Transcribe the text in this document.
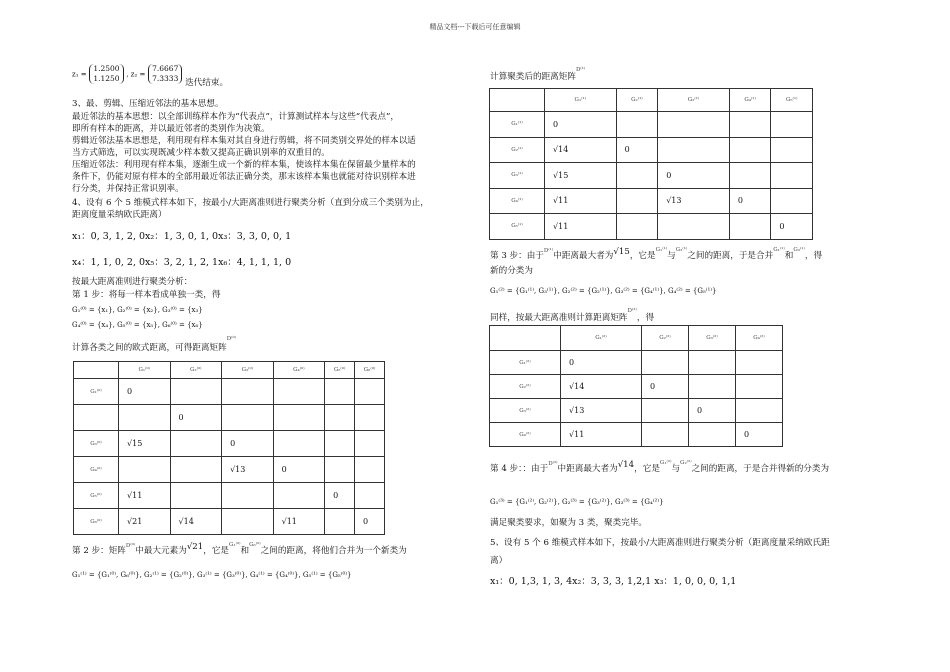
精品文档---下载后可任意编辑
z₁ = 1.2500
1.1250 , z₂ = 7.6667
7.3333 迭代结束。
3、最、剪辑、压缩近邻法的基本思想。
最近邻法的基本思想：以全部训练样本作为“代表点”，计算测试样本与这些“代表点”，
即所有样本的距离，并以最近邻者的类别作为决策。
剪辑近邻法基本思想是，利用现有样本集对其自身进行剪辑，将不同类别交界处的样本以适
当方式筛选，可以实现既减少样本数又提高正确识别率的双重目的。
压缩近邻法：利用现有样本集，逐渐生成一个新的样本集，使该样本集在保留最少量样本的
条件下，仍能对原有样本的全部用最近邻法正确分类，那末该样本集也就能对待识别样本进
行分类，并保持正常识别率。
4、设有 6 个 5 维模式样本如下，按最小/大距离准则进行聚类分析（直到分成三个类别为止，
距离度量采纳欧氏距离）
x₁：0, 3, 1, 2, 0x₂：1, 3, 0, 1, 0x₃：3, 3, 0, 0, 1
x₄：1, 1, 0, 2, 0x₅：3, 2, 1, 2, 1x₆：4, 1, 1, 1, 0
按最大距离准则进行聚类分析：
第 1 步：将每一样本看成单独一类，得
G₁⁽⁰⁾ = {x₁}, G₂⁽⁰⁾ = {x₂}, G₃⁽⁰⁾ = {x₃}
G₄⁽⁰⁾ = {x₄}, G₅⁽⁰⁾ = {x₅}, G₆⁽⁰⁾ = {x₆}
计算各类之间的欧式距离，可得距离矩阵$^{D^{(0)}}$
	G₁⁽⁰⁾	G₂⁽⁰⁾	G₃⁽⁰⁾	G₄⁽⁰⁾	G₅⁽⁰⁾	G₆⁽⁰⁾
G₁⁽⁰⁾	0					
		0				
G₃⁽⁰⁾	√15		0			
G₄⁽⁰⁾			√13	0		
G₅⁽⁰⁾	√11				0	
G₆⁽⁰⁾	√21	√14		√11		0
第 2 步：矩阵$^{D^{(0)}}$中最大元素为√21，它是$^{G_1^{(0)}}$和$^{G_6^{(0)}}$之间的距离，将他们合并为一个新类为
G₁⁽¹⁾ = {G₁⁽⁰⁾, G₆⁽⁰⁾}, G₂⁽¹⁾ = {G₂⁽⁰⁾}, G₃⁽¹⁾ = {G₃⁽⁰⁾}, G₄⁽¹⁾ = {G₄⁽⁰⁾}, G₅⁽¹⁾ = {G₅⁽⁰⁾}
计算聚类后的距离矩阵$^{D^{(1)}}$
	G₁⁽¹⁾	G₂⁽¹⁾	G₃⁽¹⁾	G₄⁽¹⁾	G₅⁽¹⁾
G₁⁽¹⁾	0				
G₂⁽¹⁾	√14	0			
G₃⁽¹⁾	√15		0		
G₄⁽¹⁾	√11		√13	0	
G₅⁽¹⁾	√11				0
第 3 步：由于$^{D^{(1)}}$中距离最大者为√15，它是$^{G_1^{(1)}}$与$^{G_3^{(1)}}$之间的距离，于是合并$^{G_1^{(1)}}$和$^{G_3^{(1)}}$，得
新的分类为
G₁⁽²⁾ = {G₁⁽¹⁾, G₃⁽¹⁾}, G₂⁽²⁾ = {G₂⁽¹⁾}, G₃⁽²⁾ = {G₄⁽¹⁾}, G₄⁽²⁾ = {G₅⁽¹⁾}
同样，按最大距离准则计算距离矩阵$^{D^{(2)}}$，得
	G₁⁽²⁾	G₂⁽²⁾	G₃⁽²⁾	G₄⁽²⁾
G₁⁽²⁾	0			
G₂⁽²⁾	√14	0		
G₃⁽²⁾	√13		0	
G₄⁽²⁾	√11			0
第 4 步：：由于$^{D^{(2)}}$中距离最大者为√14，它是$^{G_1^{(2)}}$与$^{G_2^{(2)}}$之间的距离，于是合并得新的分类为
G₁⁽³⁾ = {G₁⁽²⁾, G₂⁽²⁾}, G₂⁽³⁾ = {G₃⁽²⁾}, G₃⁽³⁾ = {G₄⁽²⁾}
满足聚类要求，如聚为 3 类，聚类完毕。
5、设有 5 个 6 维模式样本如下，按最小/大距离准则进行聚类分析（距离度量采纳欧氏距
离）
x₁：0, 1,3, 1, 3, 4x₂：3, 3, 3, 1,2,1 x₃：1, 0, 0, 0, 1,1
